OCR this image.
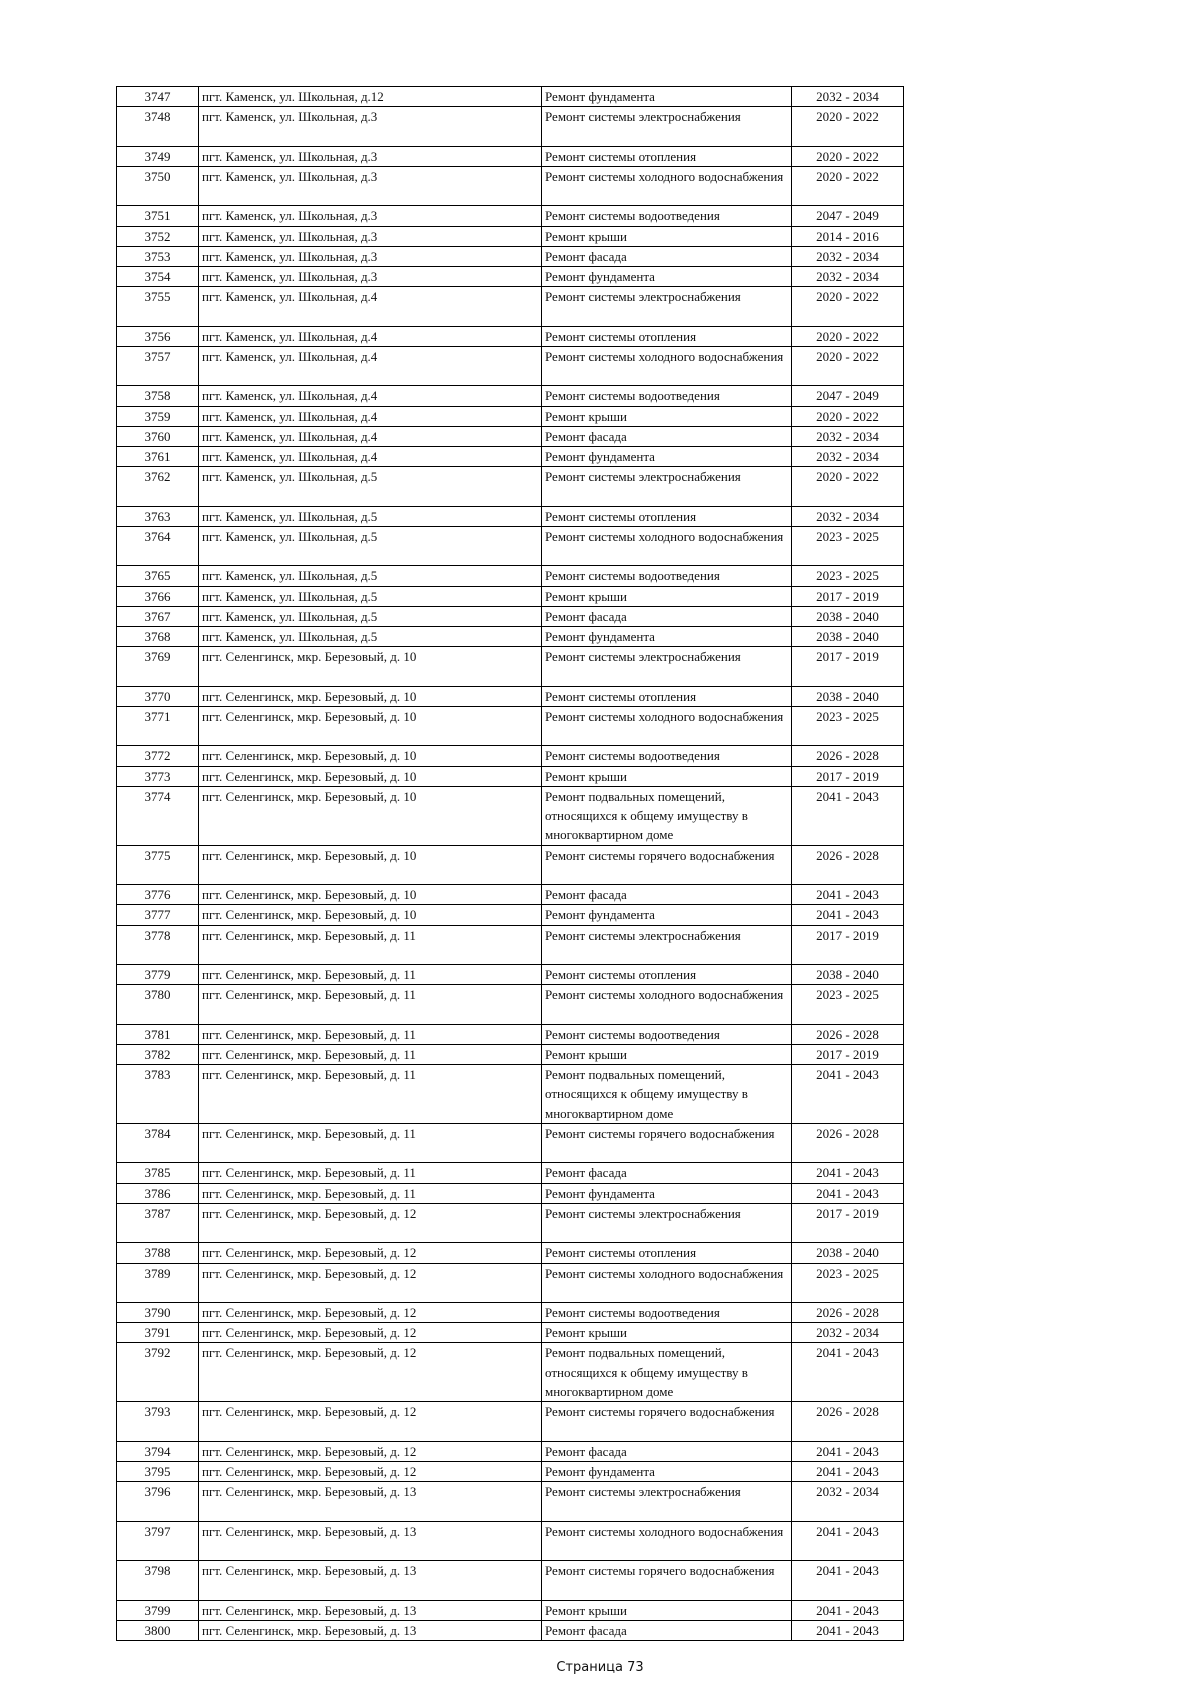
3747	пгт. Каменск, ул. Школьная, д.12	Ремонт фундамента	2032 - 2034
3748	пгт. Каменск, ул. Школьная, д.3	Ремонт системы электроснабжения	2020 - 2022
3749	пгт. Каменск, ул. Школьная, д.3	Ремонт системы отопления	2020 - 2022
3750	пгт. Каменск, ул. Школьная, д.3	Ремонт системы холодного водоснабжения	2020 - 2022
3751	пгт. Каменск, ул. Школьная, д.3	Ремонт системы водоотведения	2047 - 2049
3752	пгт. Каменск, ул. Школьная, д.3	Ремонт крыши	2014 - 2016
3753	пгт. Каменск, ул. Школьная, д.3	Ремонт фасада	2032 - 2034
3754	пгт. Каменск, ул. Школьная, д.3	Ремонт фундамента	2032 - 2034
3755	пгт. Каменск, ул. Школьная, д.4	Ремонт системы электроснабжения	2020 - 2022
3756	пгт. Каменск, ул. Школьная, д.4	Ремонт системы отопления	2020 - 2022
3757	пгт. Каменск, ул. Школьная, д.4	Ремонт системы холодного водоснабжения	2020 - 2022
3758	пгт. Каменск, ул. Школьная, д.4	Ремонт системы водоотведения	2047 - 2049
3759	пгт. Каменск, ул. Школьная, д.4	Ремонт крыши	2020 - 2022
3760	пгт. Каменск, ул. Школьная, д.4	Ремонт фасада	2032 - 2034
3761	пгт. Каменск, ул. Школьная, д.4	Ремонт фундамента	2032 - 2034
3762	пгт. Каменск, ул. Школьная, д.5	Ремонт системы электроснабжения	2020 - 2022
3763	пгт. Каменск, ул. Школьная, д.5	Ремонт системы отопления	2032 - 2034
3764	пгт. Каменск, ул. Школьная, д.5	Ремонт системы холодного водоснабжения	2023 - 2025
3765	пгт. Каменск, ул. Школьная, д.5	Ремонт системы водоотведения	2023 - 2025
3766	пгт. Каменск, ул. Школьная, д.5	Ремонт крыши	2017 - 2019
3767	пгт. Каменск, ул. Школьная, д.5	Ремонт фасада	2038 - 2040
3768	пгт. Каменск, ул. Школьная, д.5	Ремонт фундамента	2038 - 2040
3769	пгт. Селенгинск, мкр. Березовый, д. 10	Ремонт системы электроснабжения	2017 - 2019
3770	пгт. Селенгинск, мкр. Березовый, д. 10	Ремонт системы отопления	2038 - 2040
3771	пгт. Селенгинск, мкр. Березовый, д. 10	Ремонт системы холодного водоснабжения	2023 - 2025
3772	пгт. Селенгинск, мкр. Березовый, д. 10	Ремонт системы водоотведения	2026 - 2028
3773	пгт. Селенгинск, мкр. Березовый, д. 10	Ремонт крыши	2017 - 2019
3774	пгт. Селенгинск, мкр. Березовый, д. 10	Ремонт подвальных помещений, относящихся к общему имуществу в многоквартирном доме	2041 - 2043
3775	пгт. Селенгинск, мкр. Березовый, д. 10	Ремонт системы горячего водоснабжения	2026 - 2028
3776	пгт. Селенгинск, мкр. Березовый, д. 10	Ремонт фасада	2041 - 2043
3777	пгт. Селенгинск, мкр. Березовый, д. 10	Ремонт фундамента	2041 - 2043
3778	пгт. Селенгинск, мкр. Березовый, д. 11	Ремонт системы электроснабжения	2017 - 2019
3779	пгт. Селенгинск, мкр. Березовый, д. 11	Ремонт системы отопления	2038 - 2040
3780	пгт. Селенгинск, мкр. Березовый, д. 11	Ремонт системы холодного водоснабжения	2023 - 2025
3781	пгт. Селенгинск, мкр. Березовый, д. 11	Ремонт системы водоотведения	2026 - 2028
3782	пгт. Селенгинск, мкр. Березовый, д. 11	Ремонт крыши	2017 - 2019
3783	пгт. Селенгинск, мкр. Березовый, д. 11	Ремонт подвальных помещений, относящихся к общему имуществу в многоквартирном доме	2041 - 2043
3784	пгт. Селенгинск, мкр. Березовый, д. 11	Ремонт системы горячего водоснабжения	2026 - 2028
3785	пгт. Селенгинск, мкр. Березовый, д. 11	Ремонт фасада	2041 - 2043
3786	пгт. Селенгинск, мкр. Березовый, д. 11	Ремонт фундамента	2041 - 2043
3787	пгт. Селенгинск, мкр. Березовый, д. 12	Ремонт системы электроснабжения	2017 - 2019
3788	пгт. Селенгинск, мкр. Березовый, д. 12	Ремонт системы отопления	2038 - 2040
3789	пгт. Селенгинск, мкр. Березовый, д. 12	Ремонт системы холодного водоснабжения	2023 - 2025
3790	пгт. Селенгинск, мкр. Березовый, д. 12	Ремонт системы водоотведения	2026 - 2028
3791	пгт. Селенгинск, мкр. Березовый, д. 12	Ремонт крыши	2032 - 2034
3792	пгт. Селенгинск, мкр. Березовый, д. 12	Ремонт подвальных помещений, относящихся к общему имуществу в многоквартирном доме	2041 - 2043
3793	пгт. Селенгинск, мкр. Березовый, д. 12	Ремонт системы горячего водоснабжения	2026 - 2028
3794	пгт. Селенгинск, мкр. Березовый, д. 12	Ремонт фасада	2041 - 2043
3795	пгт. Селенгинск, мкр. Березовый, д. 12	Ремонт фундамента	2041 - 2043
3796	пгт. Селенгинск, мкр. Березовый, д. 13	Ремонт системы электроснабжения	2032 - 2034
3797	пгт. Селенгинск, мкр. Березовый, д. 13	Ремонт системы холодного водоснабжения	2041 - 2043
3798	пгт. Селенгинск, мкр. Березовый, д. 13	Ремонт системы горячего водоснабжения	2041 - 2043
3799	пгт. Селенгинск, мкр. Березовый, д. 13	Ремонт крыши	2041 - 2043
3800	пгт. Селенгинск, мкр. Березовый, д. 13	Ремонт фасада	2041 - 2043
Страница 73
